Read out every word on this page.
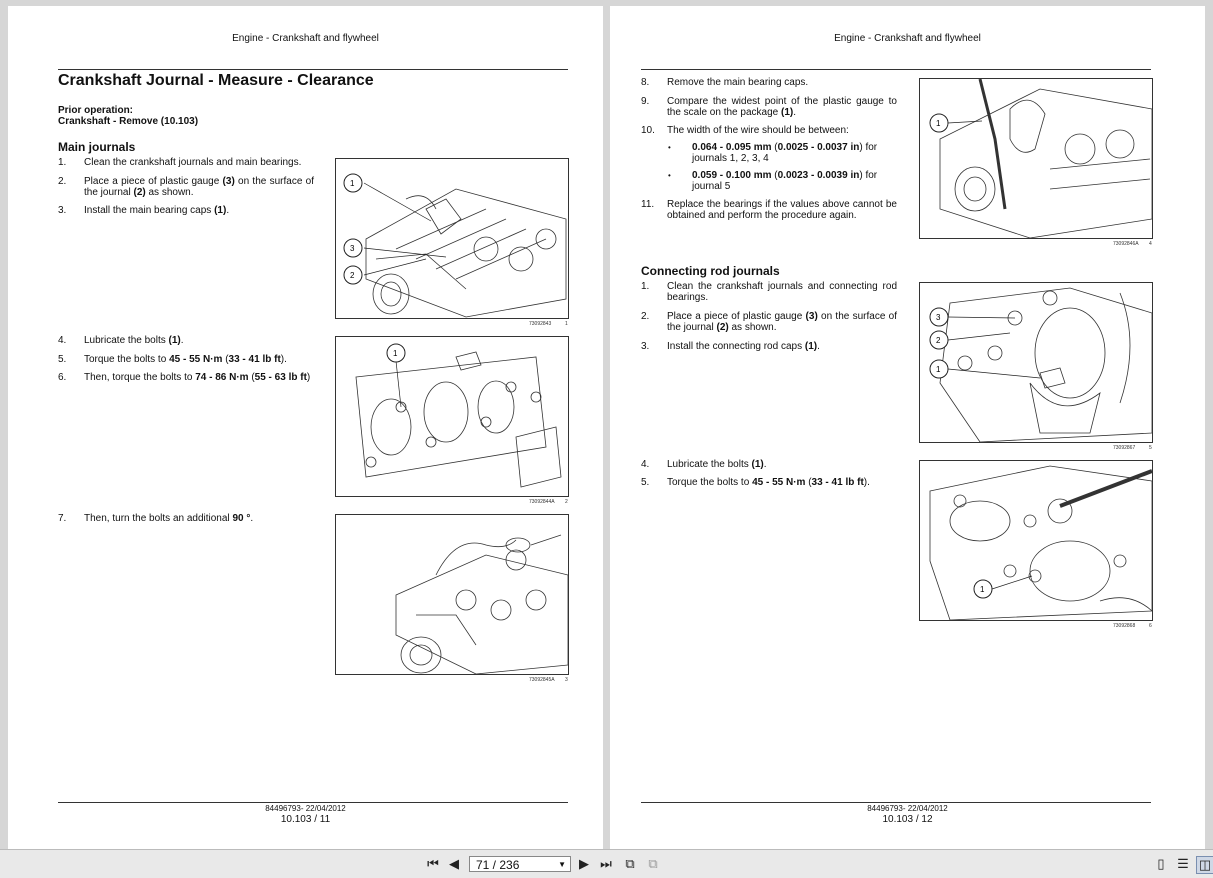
Engine - Crankshaft and flywheel
Crankshaft Journal - Measure - Clearance
Prior operation:
Crankshaft - Remove (10.103)
Main journals
1. Clean the crankshaft journals and main bearings.
2. Place a piece of plastic gauge (3) on the surface of the journal (2) as shown.
3. Install the main bearing caps (1).
1
3
2
73092843	1
4. Lubricate the bolts (1).
5. Torque the bolts to 45 - 55 N·m (33 - 41 lb ft).
6. Then, torque the bolts to 74 - 86 N·m (55 - 63 lb ft)
1
73092844A 2
7. Then, turn the bolts an additional 90 °.
73092845A 3
84496793- 22/04/2012
10.103 / 11
Engine - Crankshaft and flywheel
8. Remove the main bearing caps.
9. Compare the widest point of the plastic gauge to the scale on the package (1).
10. The width of the wire should be between:
• 0.064 - 0.095 mm (0.0025 - 0.0037 in) for journals 1, 2, 3, 4
• 0.059 - 0.100 mm (0.0023 - 0.0039 in) for journal 5
11. Replace the bearings if the values above cannot be obtained and perform the procedure again.
1
73092846A 4
Connecting rod journals
1. Clean the crankshaft journals and connecting rod bearings.
2. Place a piece of plastic gauge (3) on the surface of the journal (2) as shown.
3. Install the connecting rod caps (1).
3
2
1
73092867	5
4. Lubricate the bolts (1).
5. Torque the bolts to 45 - 55 N·m (33 - 41 lb ft).
1
73092868	6
84496793- 22/04/2012
10.103 / 12
⏮ ◀	71 / 236	▼ ▶ ⏭ ⧉ ⧉	▯ ☰ ◫
